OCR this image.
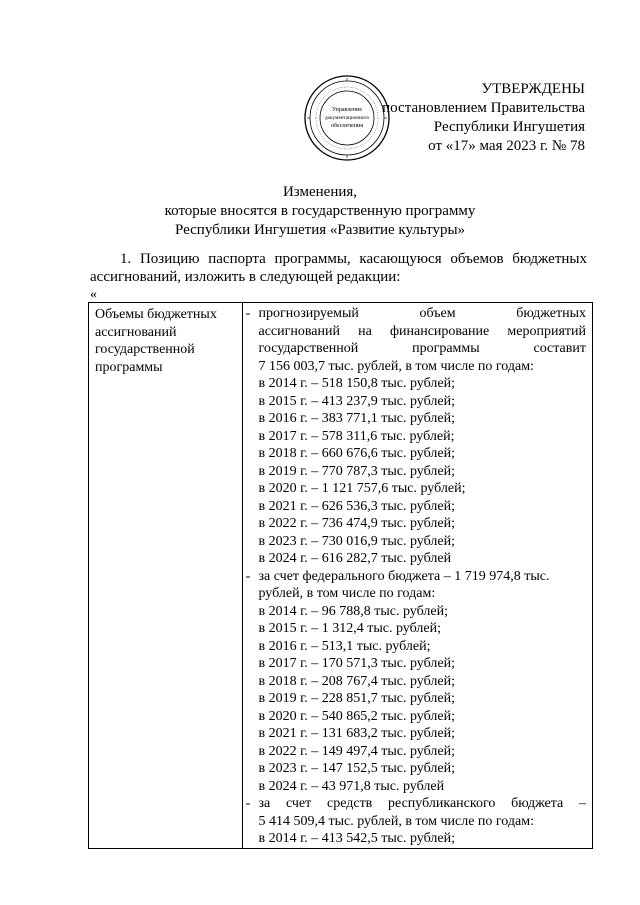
Управление
документационного
обеспечения
УТВЕРЖДЕНЫ
постановлением Правительства
Республики Ингушетия
от «17» мая 2023 г. № 78
Изменения,
которые вносятся в государственную программу
Республики Ингушетия «Развитие культуры»
1. Позицию паспорта программы, касающуюся объемов бюджетных ассигнований, изложить в следующей редакции:
«
Объемы бюджетных ассигнований государственной программы	
-
-
-

прогнозируемый объем бюджетных
ассигнований на финансирование мероприятий
государственной программы составит
7 156 003,7 тыс. рублей, в том числе по годам:
в 2014 г. – 518 150,8 тыс. рублей;
в 2015 г. – 413 237,9 тыс. рублей;
в 2016 г. – 383 771,1 тыс. рублей;
в 2017 г. – 578 311,6 тыс. рублей;
в 2018 г. – 660 676,6 тыс. рублей;
в 2019 г. – 770 787,3 тыс. рублей;
в 2020 г. – 1 121 757,6 тыс. рублей;
в 2021 г. – 626 536,3 тыс. рублей;
в 2022 г. – 736 474,9 тыс. рублей;
в 2023 г. – 730 016,9 тыс. рублей;
в 2024 г. – 616 282,7 тыс. рублей
за счет федерального бюджета – 1 719 974,8 тыс.
рублей, в том числе по годам:
в 2014 г. – 96 788,8 тыс. рублей;
в 2015 г. – 1 312,4 тыс. рублей;
в 2016 г. – 513,1 тыс. рублей;
в 2017 г. – 170 571,3 тыс. рублей;
в 2018 г. – 208 767,4 тыс. рублей;
в 2019 г. – 228 851,7 тыс. рублей;
в 2020 г. – 540 865,2 тыс. рублей;
в 2021 г. – 131 683,2 тыс. рублей;
в 2022 г. – 149 497,4 тыс. рублей;
в 2023 г. – 147 152,5 тыс. рублей;
в 2024 г. – 43 971,8 тыс. рублей
за счет средств республиканского бюджета –
5 414 509,4 тыс. рублей, в том числе по годам:
в 2014 г. – 413 542,5 тыс. рублей;
